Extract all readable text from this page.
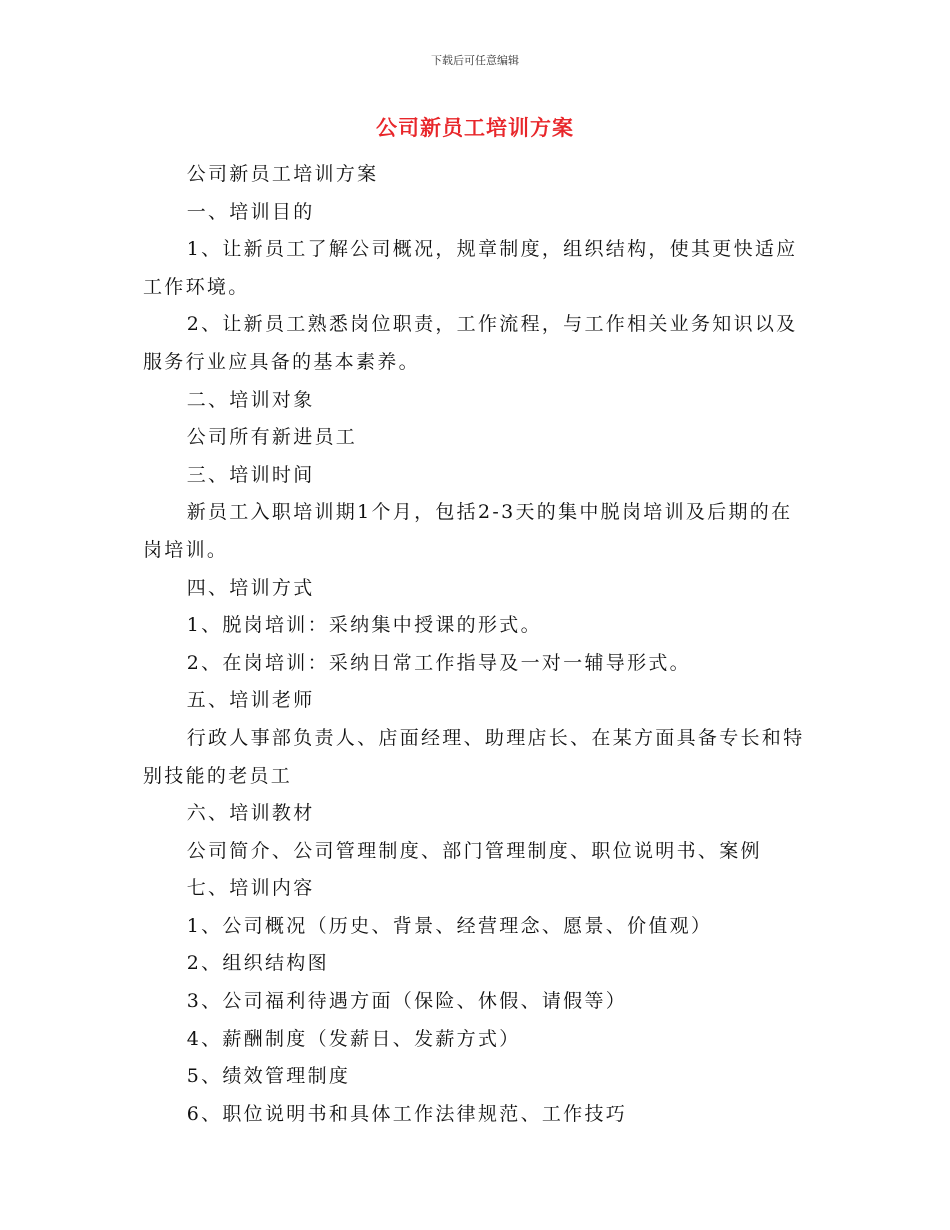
下载后可任意编辑
公司新员工培训方案

公司新员工培训方案

一、培训目的

1、让新员工了解公司概况，规章制度，组织结构，使其更快适应工作环境。

2、让新员工熟悉岗位职责，工作流程，与工作相关业务知识以及服务行业应具备的基本素养。

二、培训对象

公司所有新进员工

三、培训时间

新员工入职培训期1个月，包括2-3天的集中脱岗培训及后期的在岗培训。

四、培训方式

1、脱岗培训：采纳集中授课的形式。

2、在岗培训：采纳日常工作指导及一对一辅导形式。

五、培训老师

行政人事部负责人、店面经理、助理店长、在某方面具备专长和特别技能的老员工

六、培训教材

公司简介、公司管理制度、部门管理制度、职位说明书、案例

七、培训内容

1、公司概况（历史、背景、经营理念、愿景、价值观）

2、组织结构图

3、公司福利待遇方面（保险、休假、请假等）

4、薪酬制度（发薪日、发薪方式）

5、绩效管理制度

6、职位说明书和具体工作法律规范、工作技巧
